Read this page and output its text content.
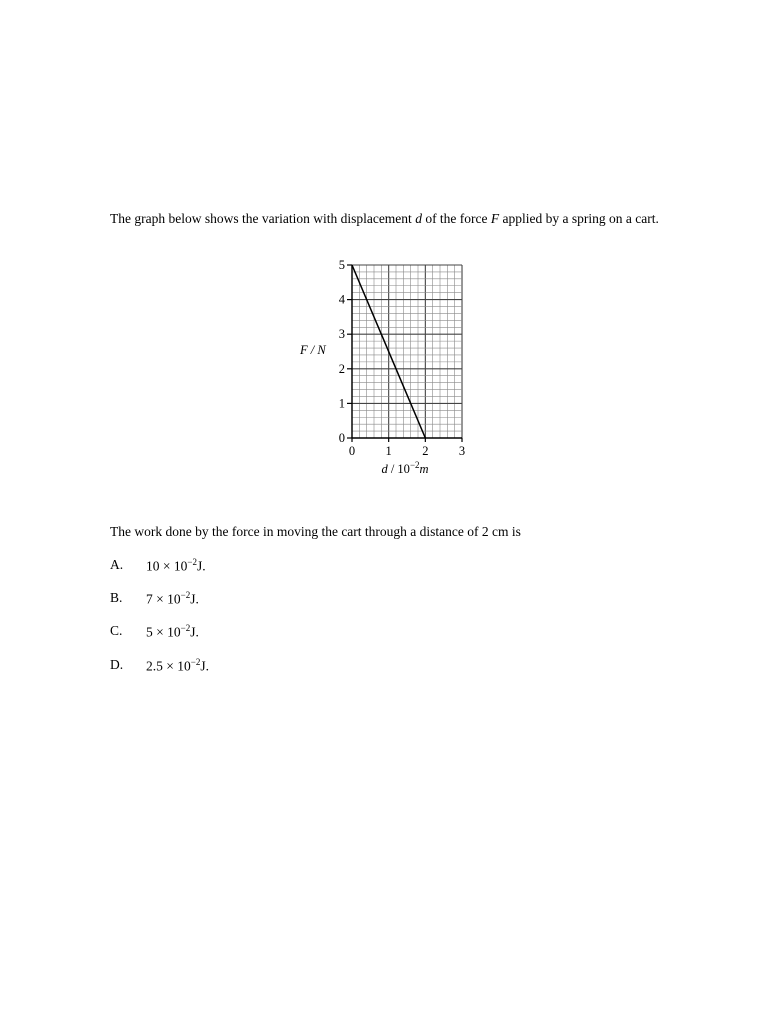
The graph below shows the variation with displacement d of the force F applied by a spring on a cart.
0
1
2
3
4
5
0 1 2 3
F / N
d / $10^{-2}m$
The work done by the force in moving the cart through a distance of 2 cm is
A. $10 \times 10^{-2}J$.
B. $7 \times 10^{-2}J$.
C. $5 \times 10^{-2}J$.
D. $2.5 \times 10^{-2}J$.
